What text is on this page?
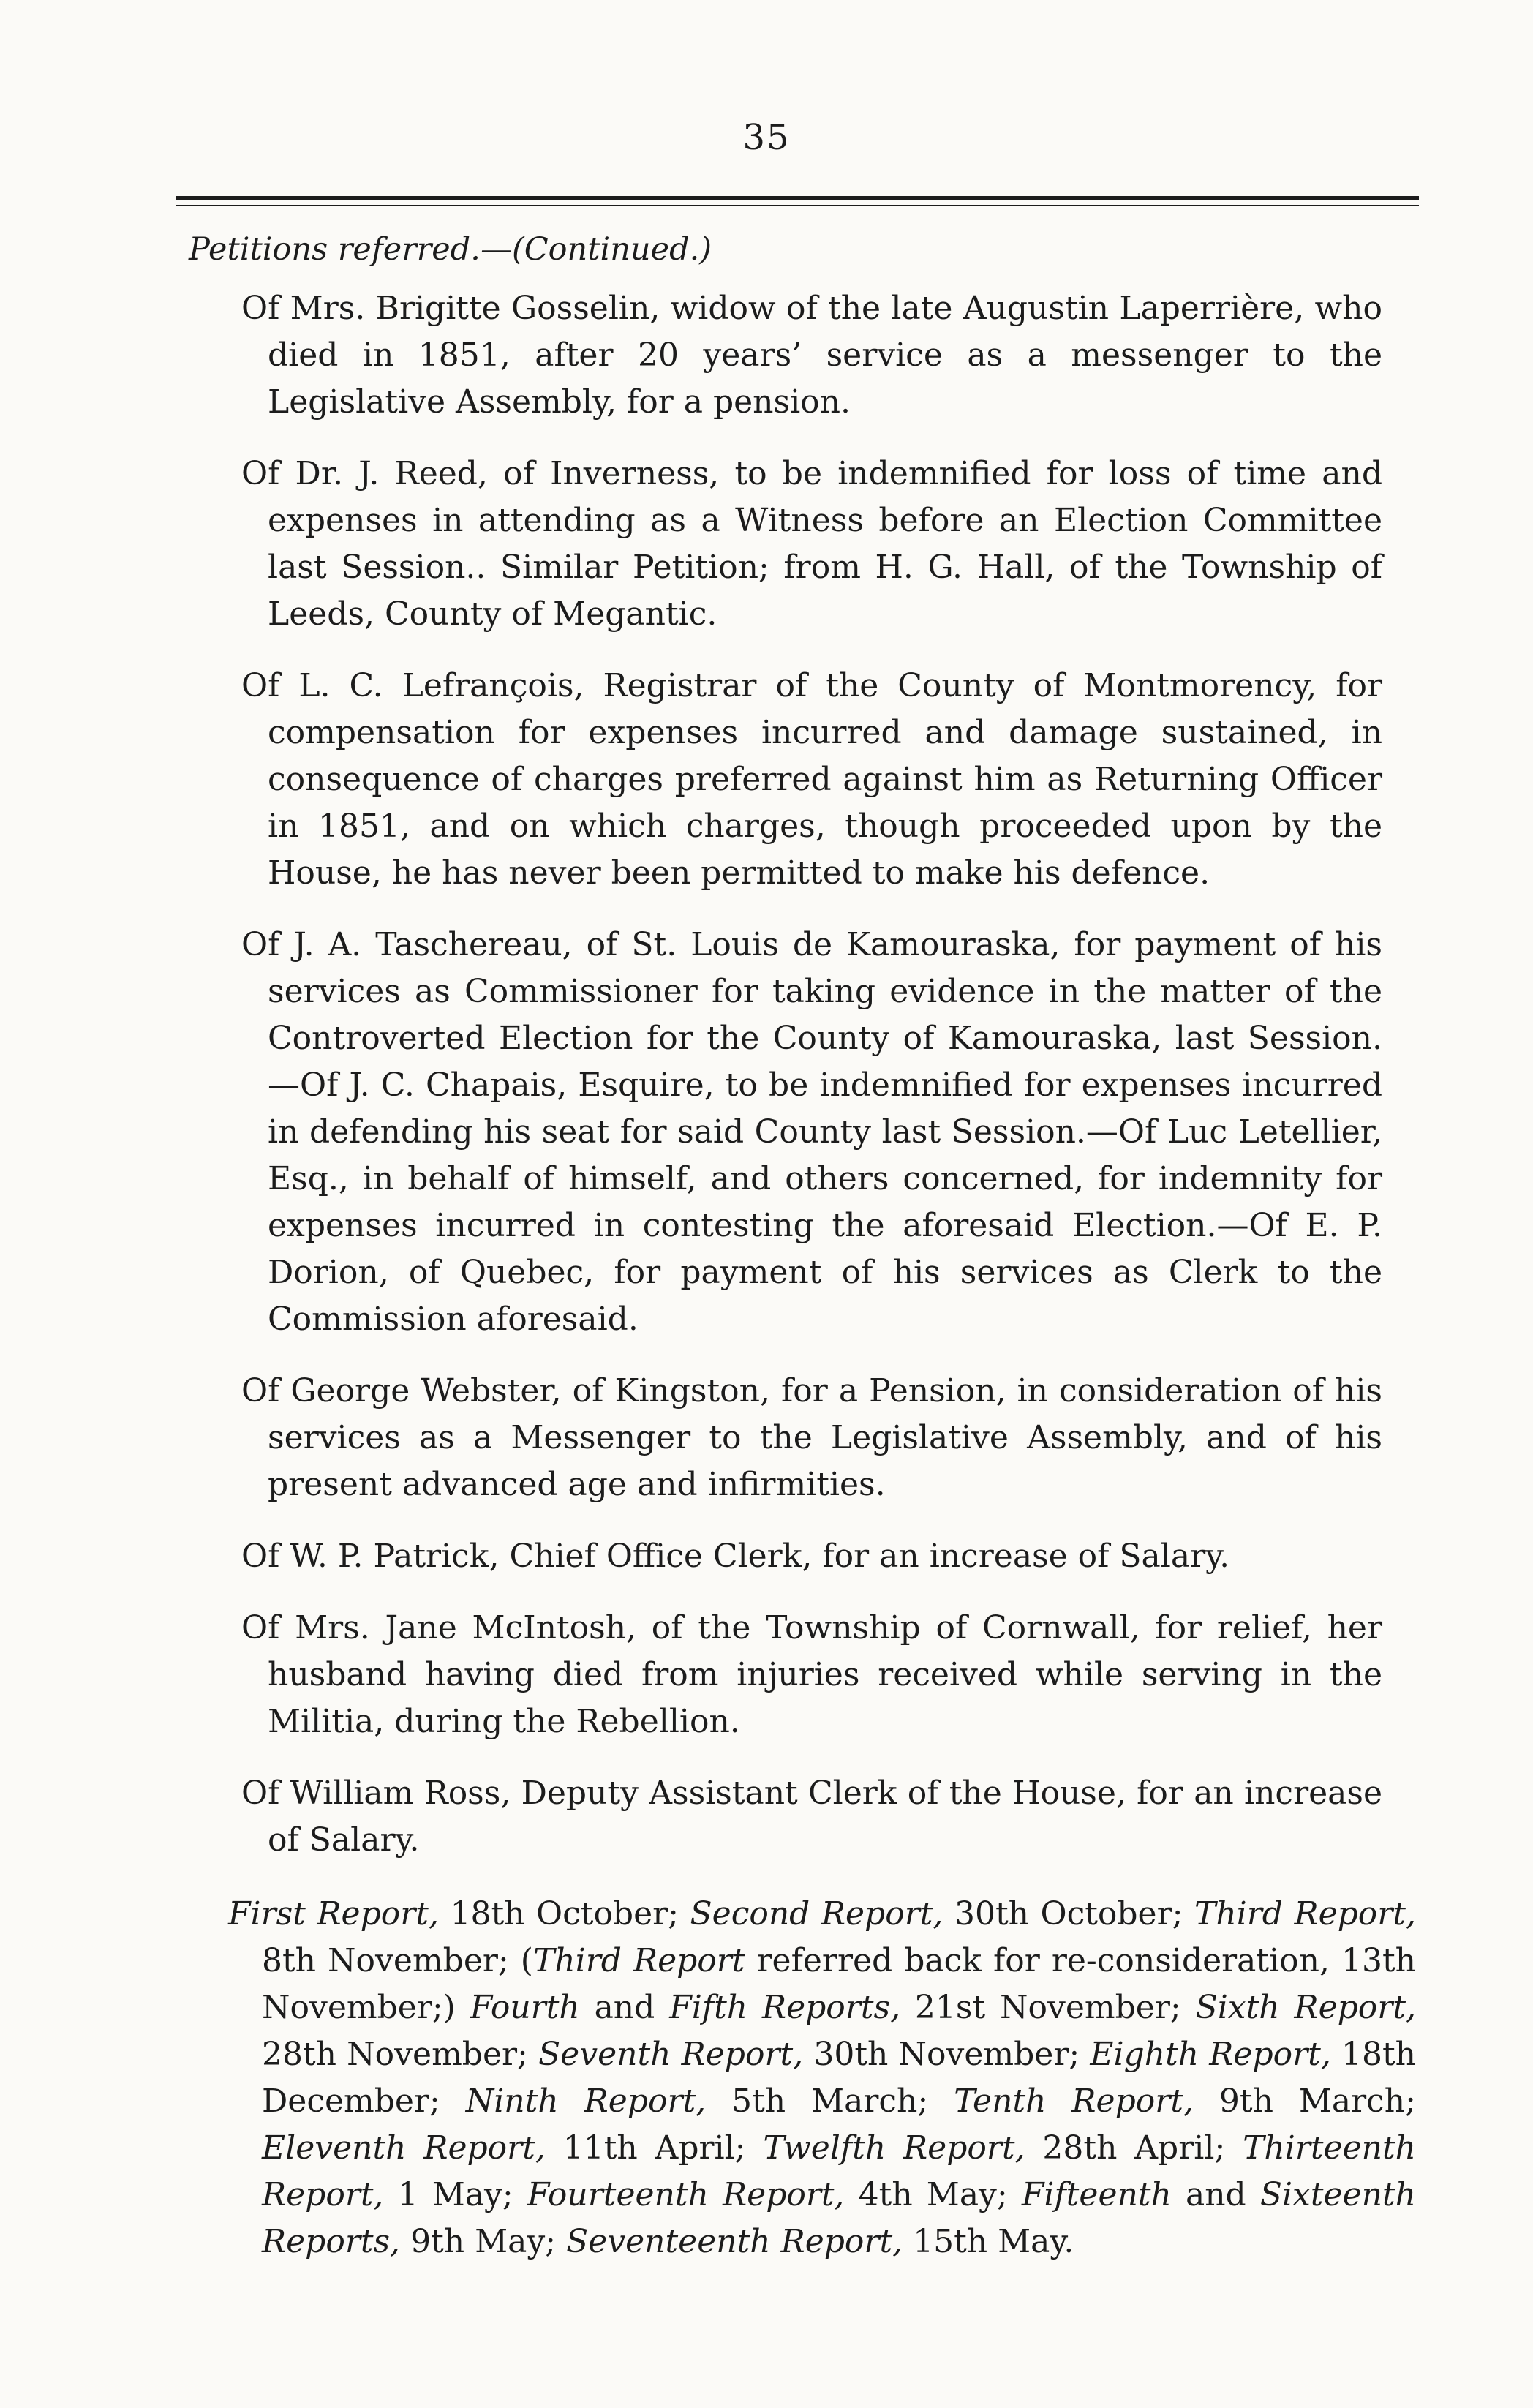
35
Petitions referred.—(Continued.)

Of Mrs. Brigitte Gosselin, widow of the late Augustin Laperrière, who died in 1851, after 20 years’ service as a messenger to the Legislative Assembly, for a pension.

Of Dr. J. Reed, of Inverness, to be indemnified for loss of time and expenses in attending as a Witness before an Election Committee last Session.. Similar Petition; from H. G. Hall, of the Township of Leeds, County of Megantic.

Of L. C. Lefrançois, Registrar of the County of Montmorency, for compensation for expenses incurred and damage sustained, in consequence of charges preferred against him as Returning Officer in 1851, and on which charges, though proceeded upon by the House, he has never been permitted to make his defence.

Of J. A. Taschereau, of St. Louis de Kamouraska, for payment of his services as Commissioner for taking evidence in the matter of the Controverted Election for the County of Kamouraska, last Session.—Of J. C. Chapais, Esquire, to be indemnified for expenses incurred in defending his seat for said County last Session.—Of Luc Letellier, Esq., in behalf of himself, and others concerned, for indemnity for expenses incurred in contesting the aforesaid Election.—Of E. P. Dorion, of Quebec, for payment of his services as Clerk to the Commission aforesaid.

Of George Webster, of Kingston, for a Pension, in consideration of his services as a Messenger to the Legislative Assembly, and of his present advanced age and infirmities.

Of W. P. Patrick, Chief Office Clerk, for an increase of Salary.

Of Mrs. Jane McIntosh, of the Township of Cornwall, for relief, her husband having died from injuries received while serving in the Militia, during the Rebellion.

Of William Ross, Deputy Assistant Clerk of the House, for an increase of Salary.

First Report, 18th October; Second Report, 30th October; Third Report, 8th November; (Third Report referred back for re-consideration, 13th November;) Fourth and Fifth Reports, 21st November; Sixth Report, 28th November; Seventh Report, 30th November; Eighth Report, 18th December; Ninth Report, 5th March; Tenth Report, 9th March; Eleventh Report, 11th April; Twelfth Report, 28th April; Thirteenth Report, 1 May; Fourteenth Report, 4th May; Fifteenth and Sixteenth Reports, 9th May; Seventeenth Report, 15th May.
